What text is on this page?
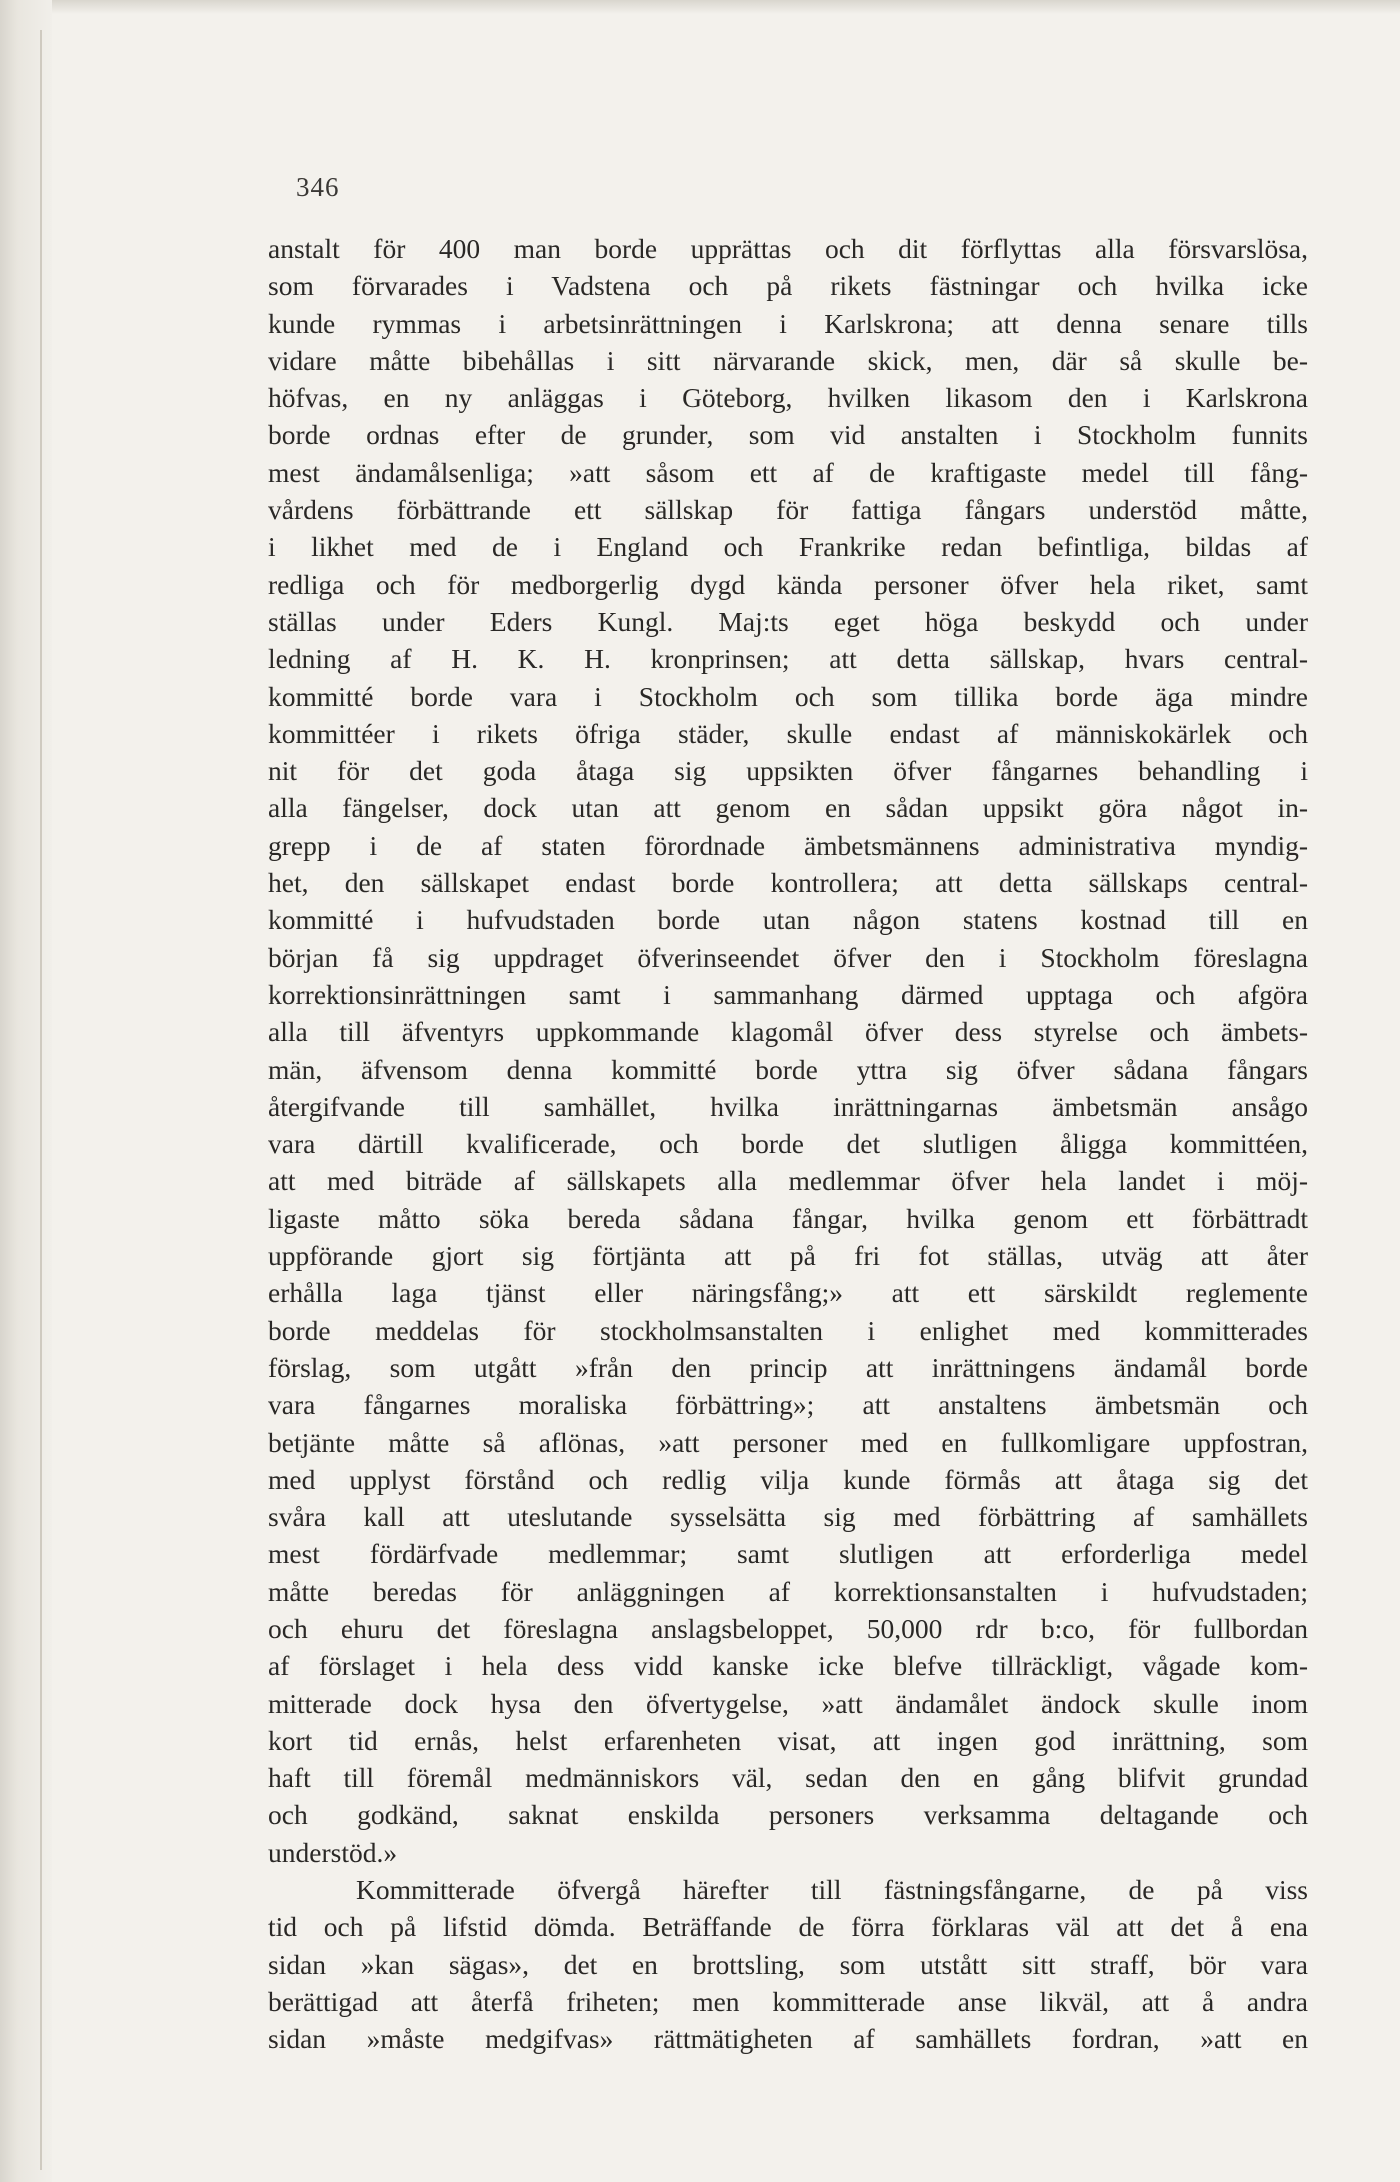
346
anstalt för 400 man borde upprättas och dit förflyttas alla försvarslösa,
som förvarades i Vadstena och på rikets fästningar och hvilka icke
kunde rymmas i arbetsinrättningen i Karlskrona; att denna senare tills
vidare måtte bibehållas i sitt närvarande skick, men, där så skulle be-
höfvas, en ny anläggas i Göteborg, hvilken likasom den i Karlskrona
borde ordnas efter de grunder, som vid anstalten i Stockholm funnits
mest ändamålsenliga; »att såsom ett af de kraftigaste medel till fång-
vårdens förbättrande ett sällskap för fattiga fångars understöd måtte,
i likhet med de i England och Frankrike redan befintliga, bildas af
redliga och för medborgerlig dygd kända personer öfver hela riket, samt
ställas under Eders Kungl. Maj:ts eget höga beskydd och under
ledning af H. K. H. kronprinsen; att detta sällskap, hvars central-
kommitté borde vara i Stockholm och som tillika borde äga mindre
kommittéer i rikets öfriga städer, skulle endast af människokärlek och
nit för det goda åtaga sig uppsikten öfver fångarnes behandling i
alla fängelser, dock utan att genom en sådan uppsikt göra något in-
grepp i de af staten förordnade ämbetsmännens administrativa myndig-
het, den sällskapet endast borde kontrollera; att detta sällskaps central-
kommitté i hufvudstaden borde utan någon statens kostnad till en
början få sig uppdraget öfverinseendet öfver den i Stockholm föreslagna
korrektionsinrättningen samt i sammanhang därmed upptaga och afgöra
alla till äfventyrs uppkommande klagomål öfver dess styrelse och ämbets-
män, äfvensom denna kommitté borde yttra sig öfver sådana fångars
återgifvande till samhället, hvilka inrättningarnas ämbetsmän ansågo
vara därtill kvalificerade, och borde det slutligen åligga kommittéen,
att med biträde af sällskapets alla medlemmar öfver hela landet i möj-
ligaste måtto söka bereda sådana fångar, hvilka genom ett förbättradt
uppförande gjort sig förtjänta att på fri fot ställas, utväg att åter
erhålla laga tjänst eller näringsfång;» att ett särskildt reglemente
borde meddelas för stockholmsanstalten i enlighet med kommitterades
förslag, som utgått »från den princip att inrättningens ändamål borde
vara fångarnes moraliska förbättring»; att anstaltens ämbetsmän och
betjänte måtte så aflönas, »att personer med en fullkomligare uppfostran,
med upplyst förstånd och redlig vilja kunde förmås att åtaga sig det
svåra kall att uteslutande sysselsätta sig med förbättring af samhällets
mest fördärfvade medlemmar; samt slutligen att erforderliga medel
måtte beredas för anläggningen af korrektionsanstalten i hufvudstaden;
och ehuru det föreslagna anslagsbeloppet, 50,000 rdr b:co, för fullbordan
af förslaget i hela dess vidd kanske icke blefve tillräckligt, vågade kom-
mitterade dock hysa den öfvertygelse, »att ändamålet ändock skulle inom
kort tid ernås, helst erfarenheten visat, att ingen god inrättning, som
haft till föremål medmänniskors väl, sedan den en gång blifvit grundad
och godkänd, saknat enskilda personers verksamma deltagande och
understöd.»
Kommitterade öfvergå härefter till fästningsfångarne, de på viss
tid och på lifstid dömda. Beträffande de förra förklaras väl att det å ena
sidan »kan sägas», det en brottsling, som utstått sitt straff, bör vara
berättigad att återfå friheten; men kommitterade anse likväl, att å andra
sidan »måste medgifvas» rättmätigheten af samhällets fordran, »att en
